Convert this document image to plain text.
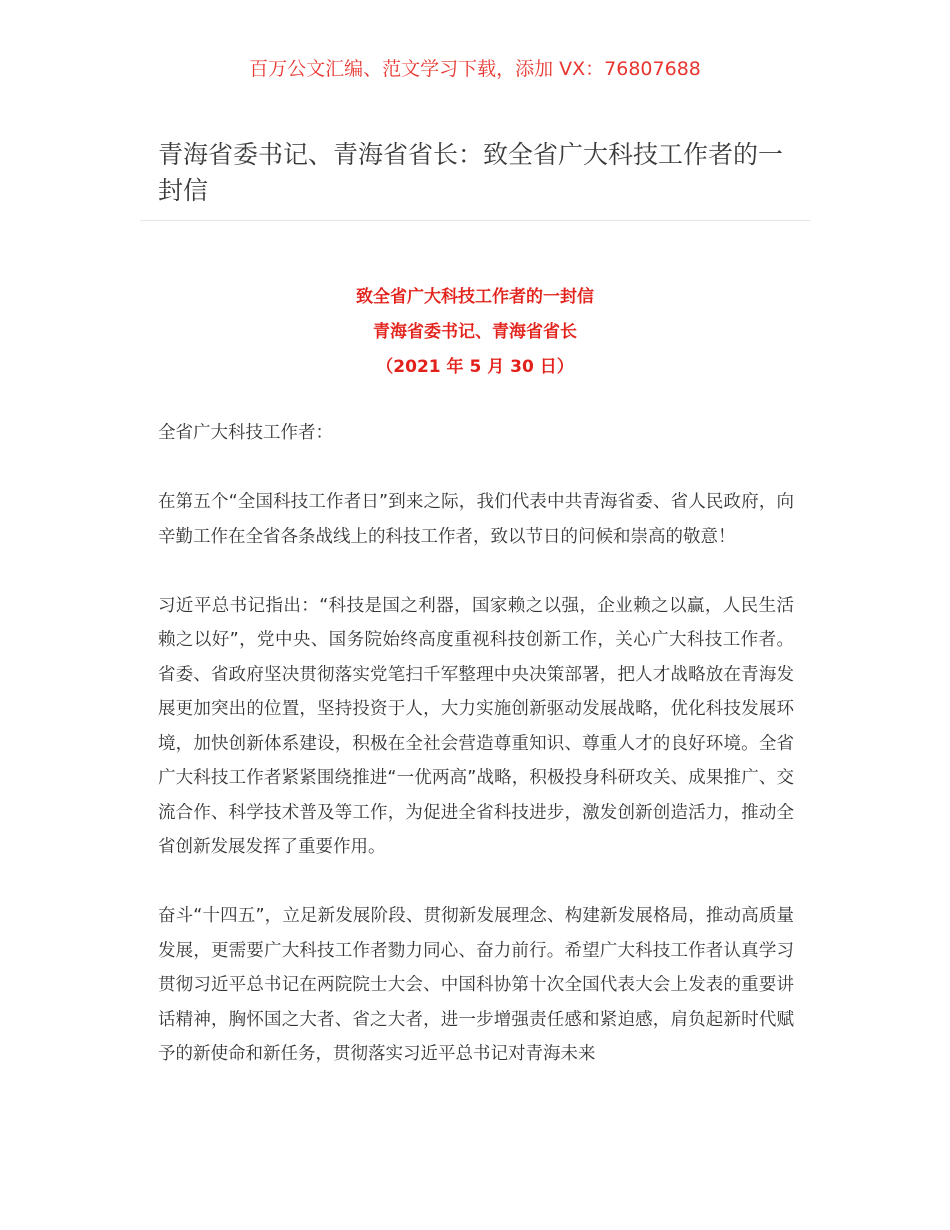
百万公文汇编、范文学习下载，添加 VX：76807688
青海省委书记、青海省省长：致全省广大科技工作者的一封信
致全省广大科技工作者的一封信
青海省委书记、青海省省长
（2021 年 5 月 30 日）

全省广大科技工作者：

在第五个“全国科技工作者日”到来之际，我们代表中共青海省委、省人民政府，向辛勤工作在全省各条战线上的科技工作者，致以节日的问候和崇高的敬意！

习近平总书记指出：“科技是国之利器，国家赖之以强，企业赖之以赢，人民生活赖之以好”，党中央、国务院始终高度重视科技创新工作，关心广大科技工作者。省委、省政府坚决贯彻落实党笔扫千军整理中央决策部署，把人才战略放在青海发展更加突出的位置，坚持投资于人，大力实施创新驱动发展战略，优化科技发展环境，加快创新体系建设，积极在全社会营造尊重知识、尊重人才的良好环境。全省广大科技工作者紧紧围绕推进“一优两高”战略，积极投身科研攻关、成果推广、交流合作、科学技术普及等工作，为促进全省科技进步，激发创新创造活力，推动全省创新发展发挥了重要作用。

奋斗“十四五”，立足新发展阶段、贯彻新发展理念、构建新发展格局，推动高质量发展，更需要广大科技工作者勠力同心、奋力前行。希望广大科技工作者认真学习贯彻习近平总书记在两院院士大会、中国科协第十次全国代表大会上发表的重要讲话精神，胸怀国之大者、省之大者，进一步增强责任感和紧迫感，肩负起新时代赋予的新使命和新任务，贯彻落实习近平总书记对青海未来
